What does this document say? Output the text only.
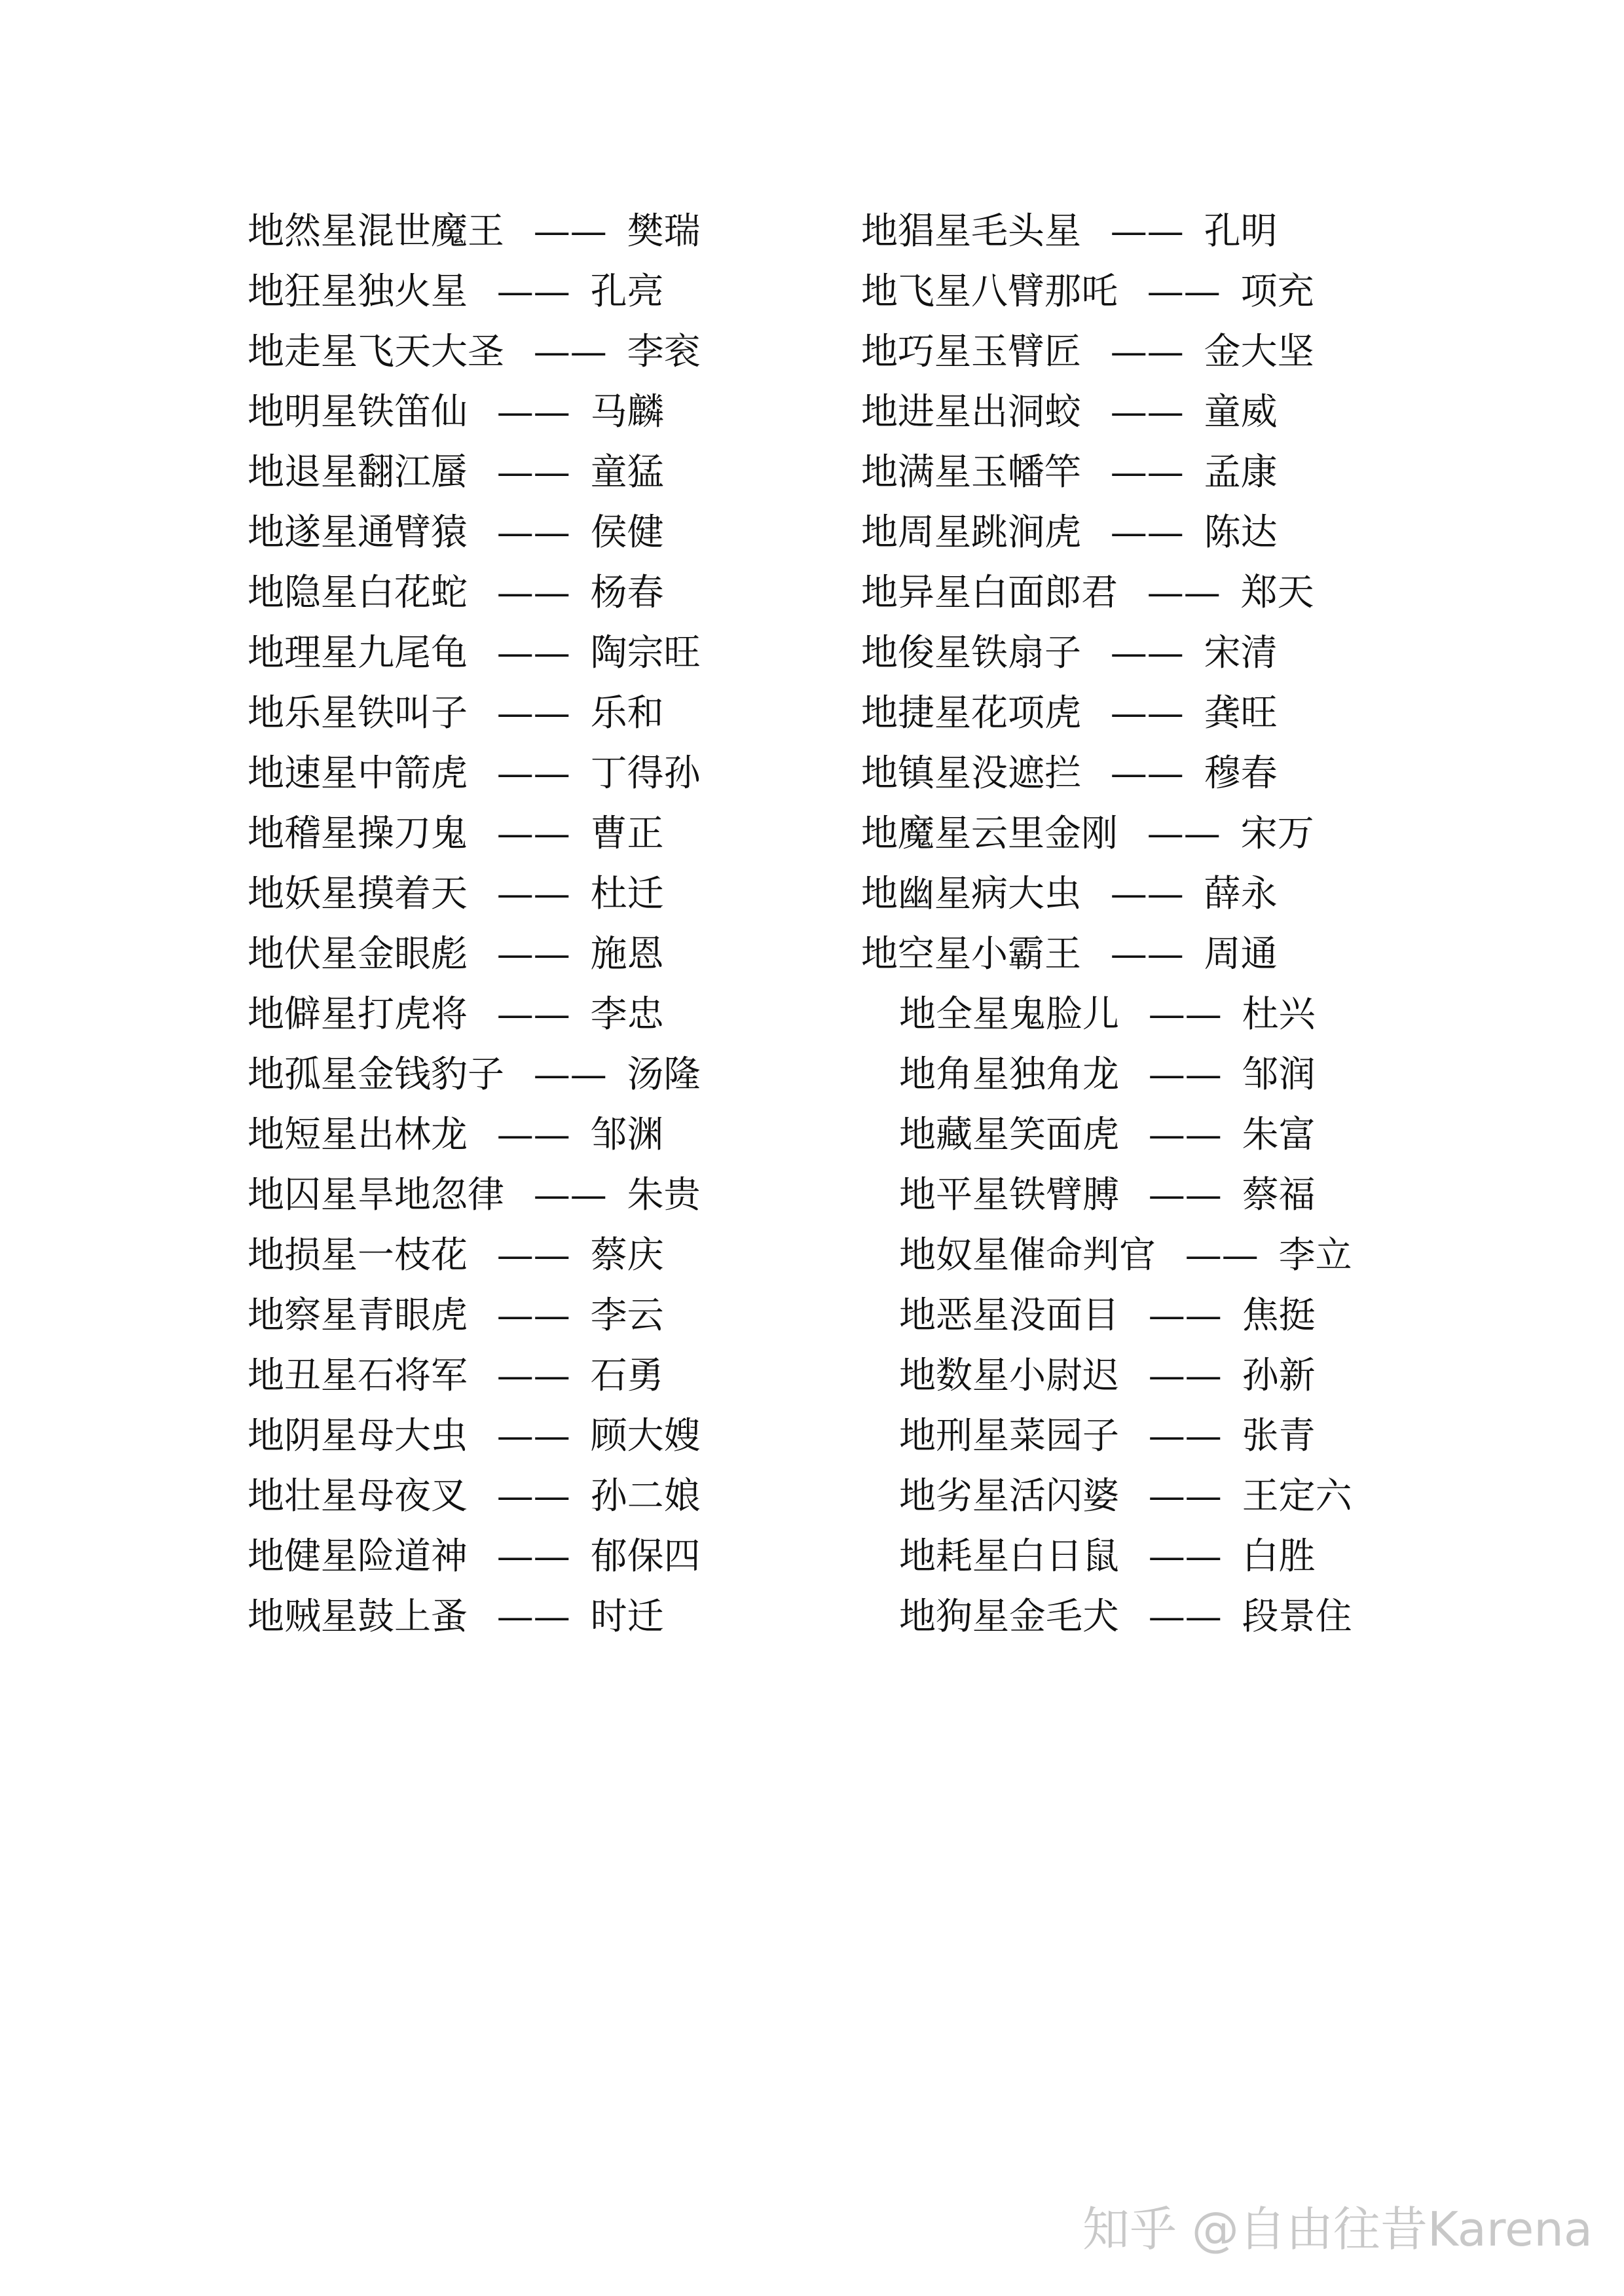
地然星混世魔王 —— 樊瑞
地狂星独火星 —— 孔亮
地走星飞天大圣 —— 李衮
地明星铁笛仙 —— 马麟
地退星翻江蜃 —— 童猛
地遂星通臂猿 —— 侯健
地隐星白花蛇 —— 杨春
地理星九尾龟 —— 陶宗旺
地乐星铁叫子 —— 乐和
地速星中箭虎 —— 丁得孙
地稽星操刀鬼 —— 曹正
地妖星摸着天 —— 杜迁
地伏星金眼彪 —— 施恩
地僻星打虎将 —— 李忠
地孤星金钱豹子 —— 汤隆
地短星出林龙 —— 邹渊
地囚星旱地忽律 —— 朱贵
地损星一枝花 —— 蔡庆
地察星青眼虎 —— 李云
地丑星石将军 —— 石勇
地阴星母大虫 —— 顾大嫂
地壮星母夜叉 —— 孙二娘
地健星险道神 —— 郁保四
地贼星鼓上蚤 —— 时迁
地猖星毛头星 —— 孔明
地飞星八臂那吒 —— 项充
地巧星玉臂匠 —— 金大坚
地进星出洞蛟 —— 童威
地满星玉幡竿 —— 孟康
地周星跳涧虎 —— 陈达
地异星白面郎君 —— 郑天
地俊星铁扇子 —— 宋清
地捷星花项虎 —— 龚旺
地镇星没遮拦 —— 穆春
地魔星云里金刚 —— 宋万
地幽星病大虫 —— 薛永
地空星小霸王 —— 周通
地全星鬼脸儿 —— 杜兴
地角星独角龙 —— 邹润
地藏星笑面虎 —— 朱富
地平星铁臂膊 —— 蔡福
地奴星催命判官 —— 李立
地恶星没面目 —— 焦挺
地数星小尉迟 —— 孙新
地刑星菜园子 —— 张青
地劣星活闪婆 —— 王定六
地耗星白日鼠 —— 白胜
地狗星金毛犬 —— 段景住
知乎 @自由往昔Karena
